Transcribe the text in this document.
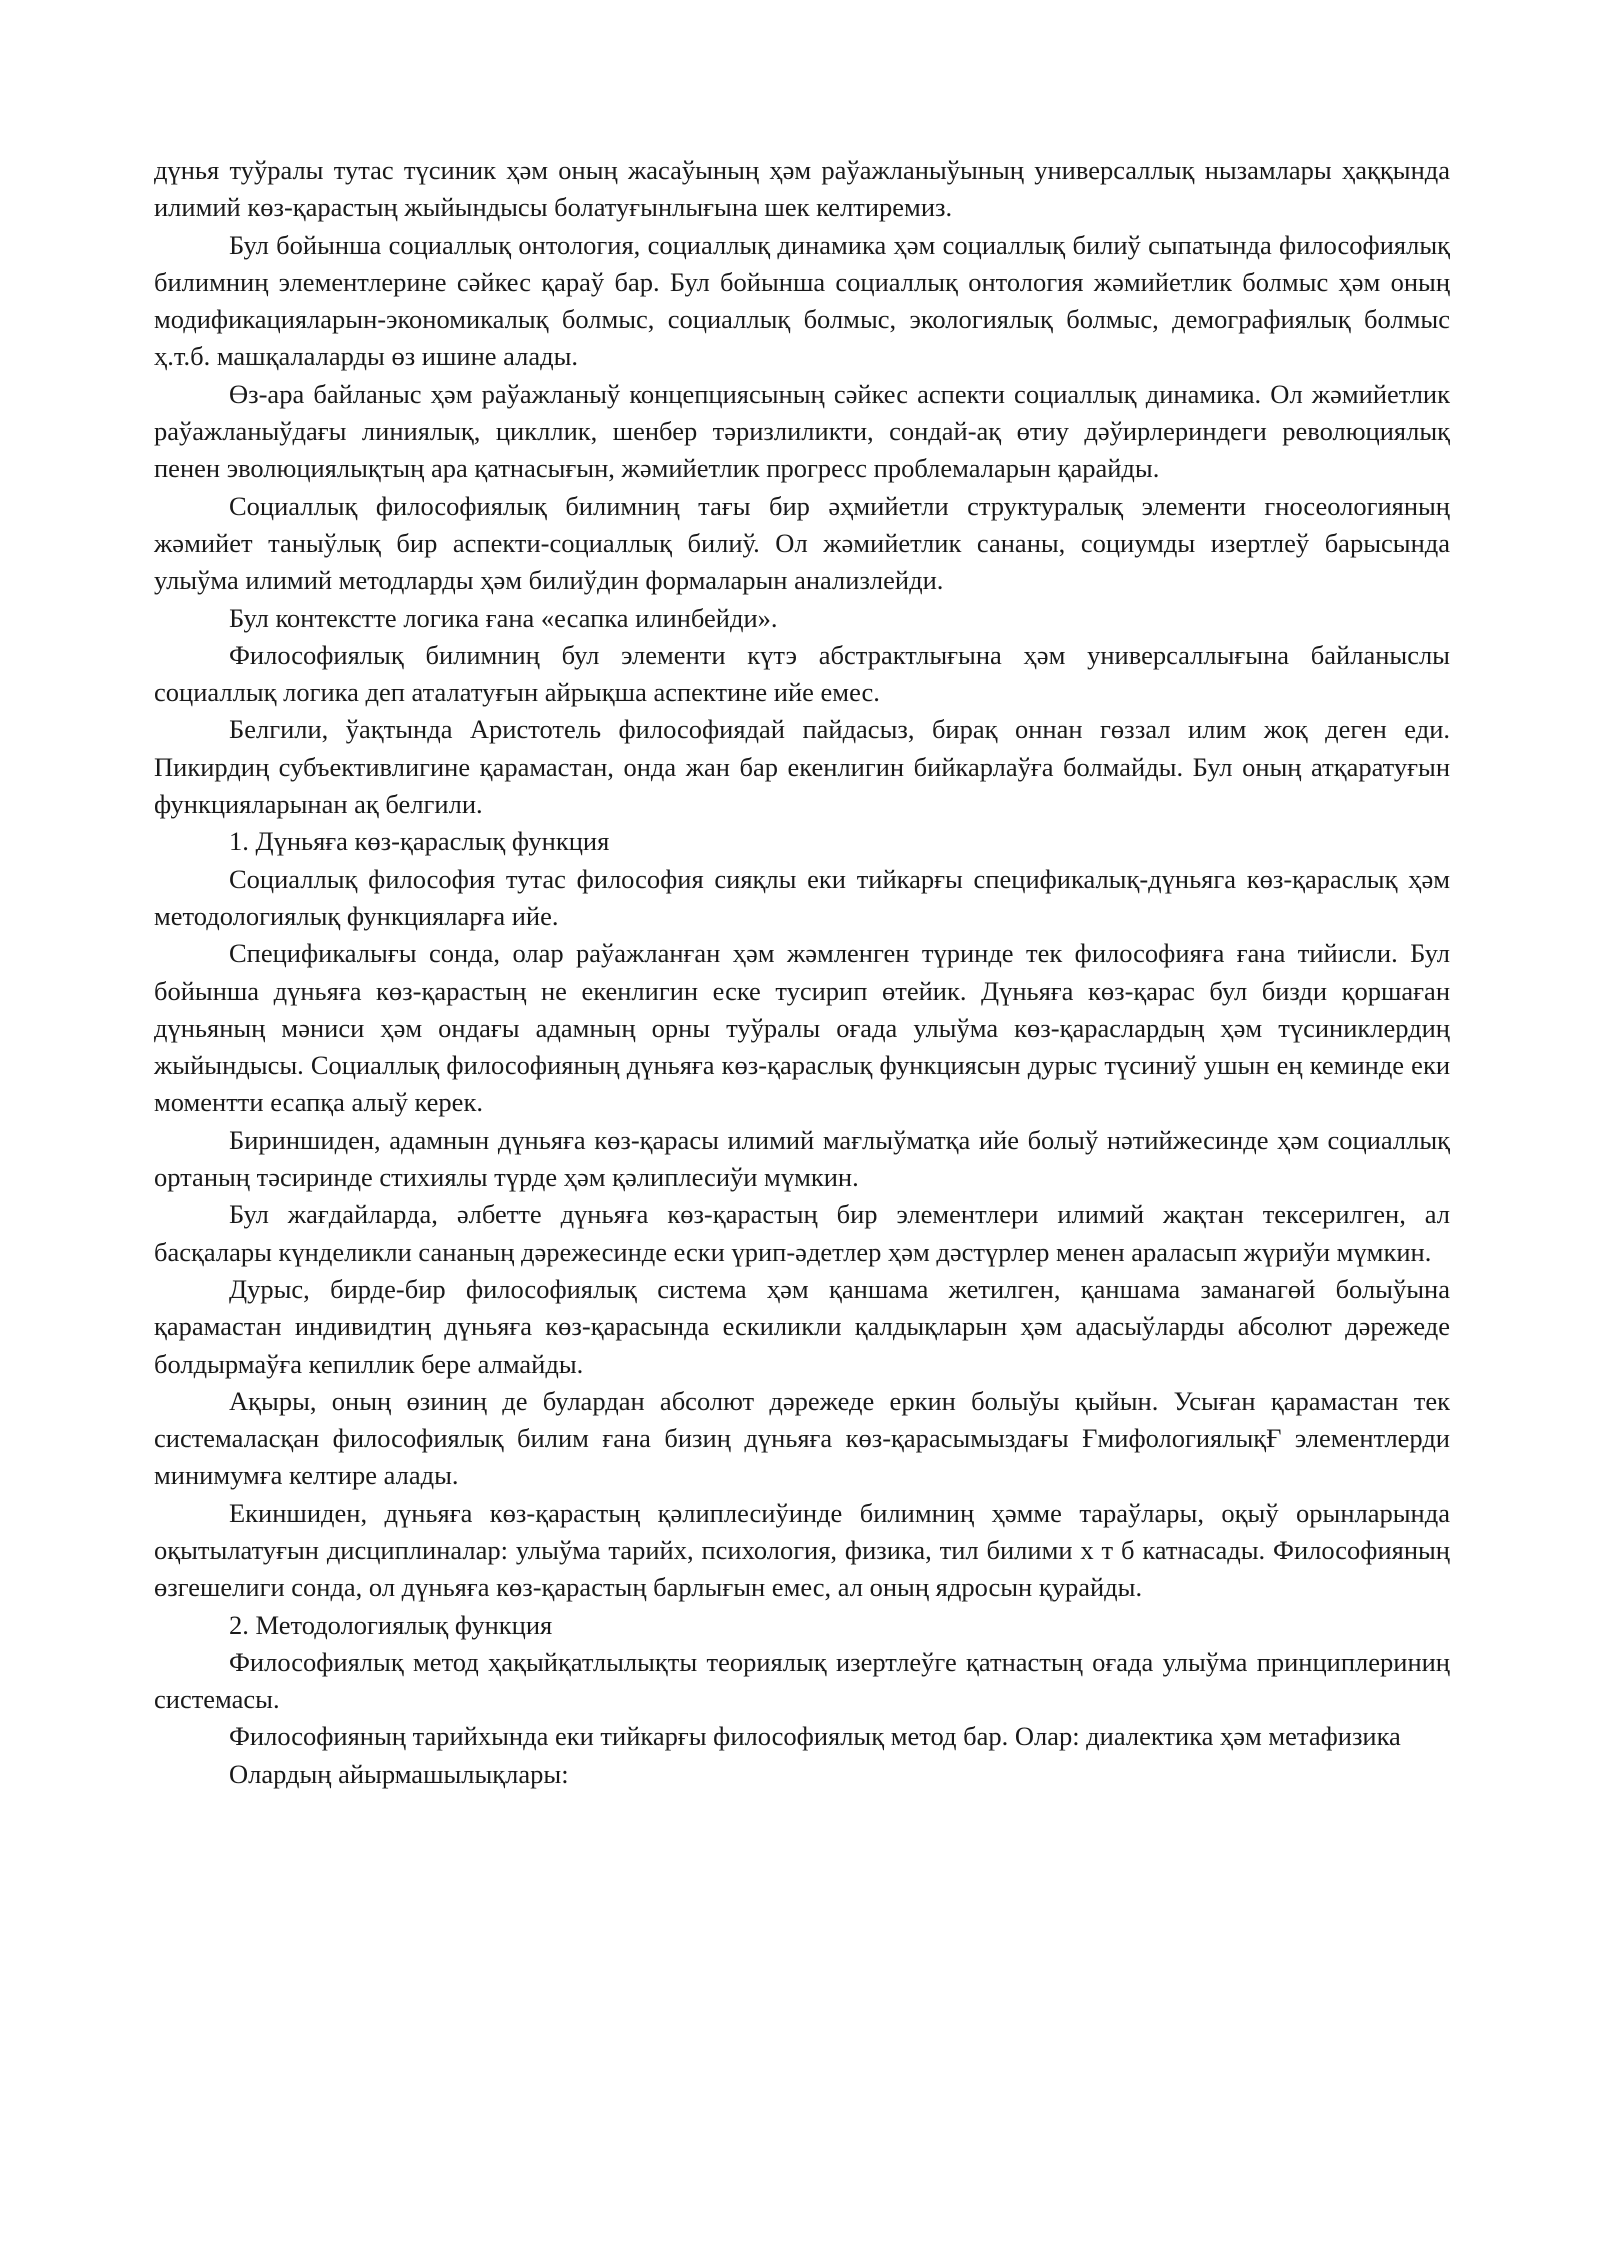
дүнья туўралы тутас түсиник ҳәм оның жасаўының ҳәм раўажланыўының универсаллық нызамлары ҳаққында илимий көз-қарастың жыйындысы болатуғынлығына шек келтиремиз.

Бул бойынша социаллық онтология, социаллық динамика ҳәм социаллық билиў сыпатында философиялық билимниң элементлерине сәйкес қараў бар. Бул бойынша социаллық онтология жәмийетлик болмыс ҳәм оның модификацияларын-экономикалық болмыс, социаллық болмыс, экологиялық болмыс, демографиялық болмыс ҳ.т.б. машқалаларды өз ишине алады.

Өз-ара байланыс ҳәм раўажланыў концепциясының сәйкес аспекти социаллық динамика. Ол жәмийетлик раўажланыўдағы линиялық, цикллик, шенбер тәризлиликти, сондай-ақ өтиу дәўирлериндеги революциялық пенен эволюциялықтың ара қатнасығын, жәмийетлик прогресс проблемаларын қарайды.

Социаллық философиялық билимниң тағы бир әҳмийетли структуралық элементи гносеологияның жәмийет таныўлық бир аспекти-социаллық билиў. Ол жәмийетлик сананы, социумды изертлеў барысында улыўма илимий методларды ҳәм билиўдин формаларын анализлейди.

Бул контекстте логика ғана «есапка илинбейди».

Философиялық билимниң бул элементи күтэ абстрактлығына ҳәм универсаллығына байланыслы социаллық логика деп аталатуғын айрықша аспектине ийе емес.

Белгили, ўақтында Аристотель философиядай пайдасыз, бирақ оннан гөззал илим жоқ деген еди. Пикирдиң субъективлигине қарамастан, онда жан бар екенлигин бийкарлаўға болмайды. Бул оның атқаратуғын функцияларынан ақ белгили.

1. Дүньяға көз-қараслық функция

Социаллық философия тутас философия сияқлы еки тийкарғы спецификалық-дүньяга көз-қараслық ҳәм методологиялық функцияларға ийе.

Спецификалығы сонда, олар раўажланған ҳәм жәмленген түринде тек философияға ғана тийисли. Бул бойынша дүньяға көз-қарастың не екенлигин еске тусирип өтейик. Дүньяға көз-қарас бул бизди қоршаған дүньяның мәниси ҳәм ондағы адамның орны туўралы оғада улыўма көз-қараслардың ҳәм түсиниклердиң жыйындысы. Социаллық философияның дүньяға көз-қараслық функциясын дурыс түсиниў ушын ең кеминде еки моментти есапқа алыў керек.

Бириншиден, адамнын дүньяға көз-қарасы илимий мағлыўматқа ийе болыў нәтийжесинде ҳәм социаллық ортаның тәсиринде стихиялы түрде ҳәм қәлиплесиўи мүмкин.

Бул жағдайларда, әлбетте дүньяға көз-қарастың бир элементлери илимий жақтан тексерилген, ал басқалары күнделикли сананың дәрежесинде ески үрип-әдетлер ҳәм дәстүрлер менен араласып жүриўи мүмкин.

Дурыс, бирде-бир философиялық система ҳәм қаншама жетилген, қаншама заманагөй болыўына қарамастан индивидтиң дүньяға көз-қарасында ескиликли қалдықларын ҳәм адасыўларды абсолют дәрежеде болдырмаўға кепиллик бере алмайды.

Ақыры, оның өзиниң де булардан абсолют дәрежеде еркин болыўы қыйын. Усыған қарамастан тек системаласқан философиялық билим ғана бизиң дүньяға көз-қарасымыздағы ҒмифологиялықҒ элементлерди минимумға келтире алады.

Екиншиден, дүньяға көз-қарастың қәлиплесиўинде билимниң ҳәмме тараўлары, оқыў орынларында оқытылатуғын дисциплиналар: улыўма тарийх, психология, физика, тил билими х т б катнасады. Философияның өзгешелиги сонда, ол дүньяға көз-қарастың барлығын емес, ал оның ядросын қурайды.

2. Методологиялық функция

Философиялық метод ҳақыйқатлылықты теориялық изертлеўге қатнастың оғада улыўма принциплериниң системасы.

Философияның тарийхында еки тийкарғы философиялық метод бар. Олар: диалектика ҳәм метафизика

Олардың айырмашылықлары:
